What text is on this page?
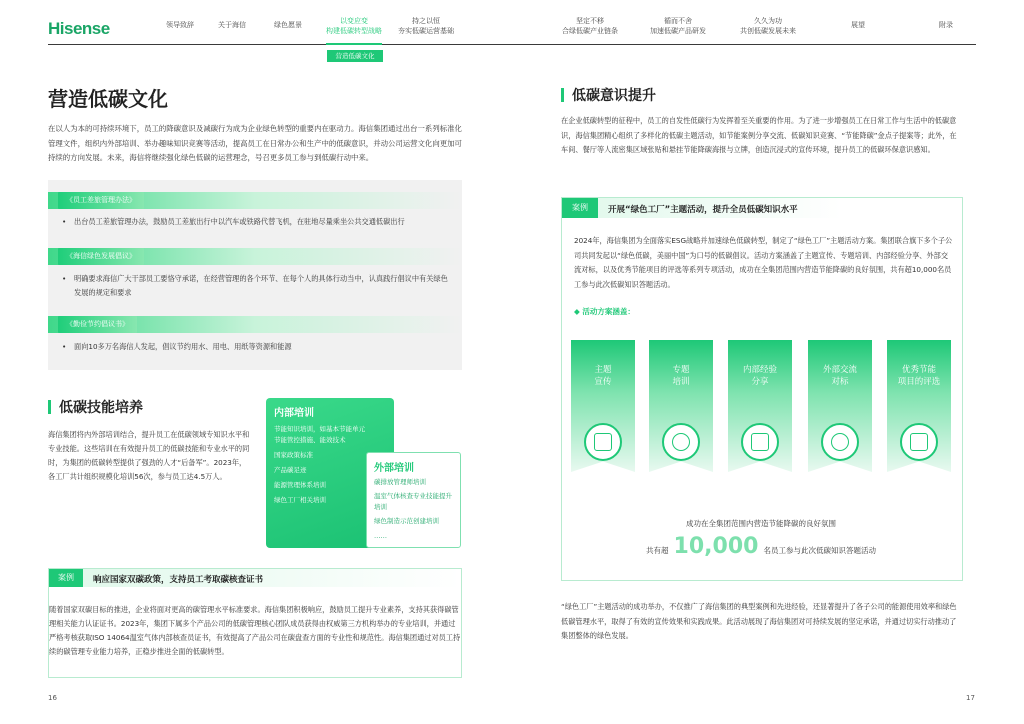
Hisense	领导致辞	关于海信	绿色愿景	以变应变
构建低碳转型战略
持之以恒
夯实低碳运营基础
坚定不移
合绿低碳产业链条
循而不舍
加速低碳产品研发
久久为功
共创低碳发展未来
展望	附录
营造低碳文化
营造低碳文化
在以人为本的可持续环境下，员工的降碳意识及减碳行为成为企业绿色转型的重要内在驱动力。海信集团通过出台一系列标准化管理文件，组织内外部培训、举办趣味知识竞赛等活动，提高员工在日常办公和生产中的低碳意识，并动公司运营文化向更加可持续的方向发展。未来，海信将继续强化绿色低碳的运营理念，号召更多员工参与到低碳行动中来。
《员工差旅管理办法》
• 出台员工差旅管理办法，鼓励员工差旅出行中以汽车或铁路代替飞机，在驻地尽量乘坐公共交通低碳出行
《海信绿色发展倡议》
• 明确要求海信广大干部员工要恪守承诺，在经营管理的各个环节、在每个人的具体行动当中，认真践行倡议中有关绿色发展的规定和要求
《勤俭节约倡议书》
• 面向10多万名海信人发起，倡议节约用水、用电、用纸等资源和能源
低碳技能培养
海信集团将内外部培训结合，提升员工在低碳领域专知识水平和专业技能。这些培训在有效提升员工的低碳技能和专业水平的同时，为集团的低碳转型提供了强劲的人才“后备军”。2023年，各工厂共计组织规模化培训56次，参与员工达4.5万人。
内部培训
节能知识培训，如基本节能单元节能管控措施、能效技术
国家政策标准
产品碳足迹
能源管理体系培训
绿色工厂相关培训
外部培训
碳排放管理师培训
温室气体核查专业技能提升培训
绿色制造示范创建培训
……
案例	响应国家双碳政策，支持员工考取碳核查证书
随着国家双碳目标的推进，企业将面对更高的碳管理水平标准要求。海信集团积极响应，鼓励员工提升专业素养，支持其获得碳管理相关能力认证证书。2023年，集团下属多个产品公司的低碳管理核心团队成员获得由权威第三方机构举办的专业培训，并通过严格考核获取ISO 14064温室气体内部核查员证书，有效提高了产品公司在碳盘查方面的专业性和规范性。海信集团通过对员工持续的碳管理专业能力培养，正稳步推进全面的低碳转型。
16
低碳意识提升
在企业低碳转型的征程中，员工的自发性低碳行为发挥着至关重要的作用。为了进一步增强员工在日常工作与生活中的低碳意识，海信集团精心组织了多样化的低碳主题活动，如节能案例分享交流、低碳知识竞赛、“节能降碳”金点子提案等；此外，在车间、餐厅等人流密集区域张贴和悬挂节能降碳海报与立牌，创造沉浸式的宣传环境，提升员工的低碳环保意识感知。
案例	开展“绿色工厂”主题活动，提升全员低碳知识水平
2024年，海信集团为全面落实ESG战略并加速绿色低碳转型，制定了“绿色工厂”主题活动方案。集团联合旗下多个子公司共同发起以“绿色低碳，美丽中国”为口号的低碳倡议。活动方案涵盖了主题宣传、专题培训、内部经验分享、外部交流对标，以及优秀节能项目的评选等系列专项活动，成功在全集团范围内营造节能降碳的良好氛围，共有超10,000名员工参与此次低碳知识答题活动。
◆ 活动方案涵盖：
主题
宣传
专题
培训
内部经验
分享
外部交流
对标
优秀节能
项目的评选
成功在全集团范围内营造节能降碳的良好氛围
共有超 10,000 名员工参与此次低碳知识答题活动
“绿色工厂”主题活动的成功举办，不仅推广了海信集团的典型案例和先进经验，还显著提升了各子公司的能源使用效率和绿色低碳管理水平，取得了有效的宣传效果和实践成果。此活动展现了海信集团对可持续发展的坚定承诺，并通过切实行动推动了集团整体的绿色发展。
17
